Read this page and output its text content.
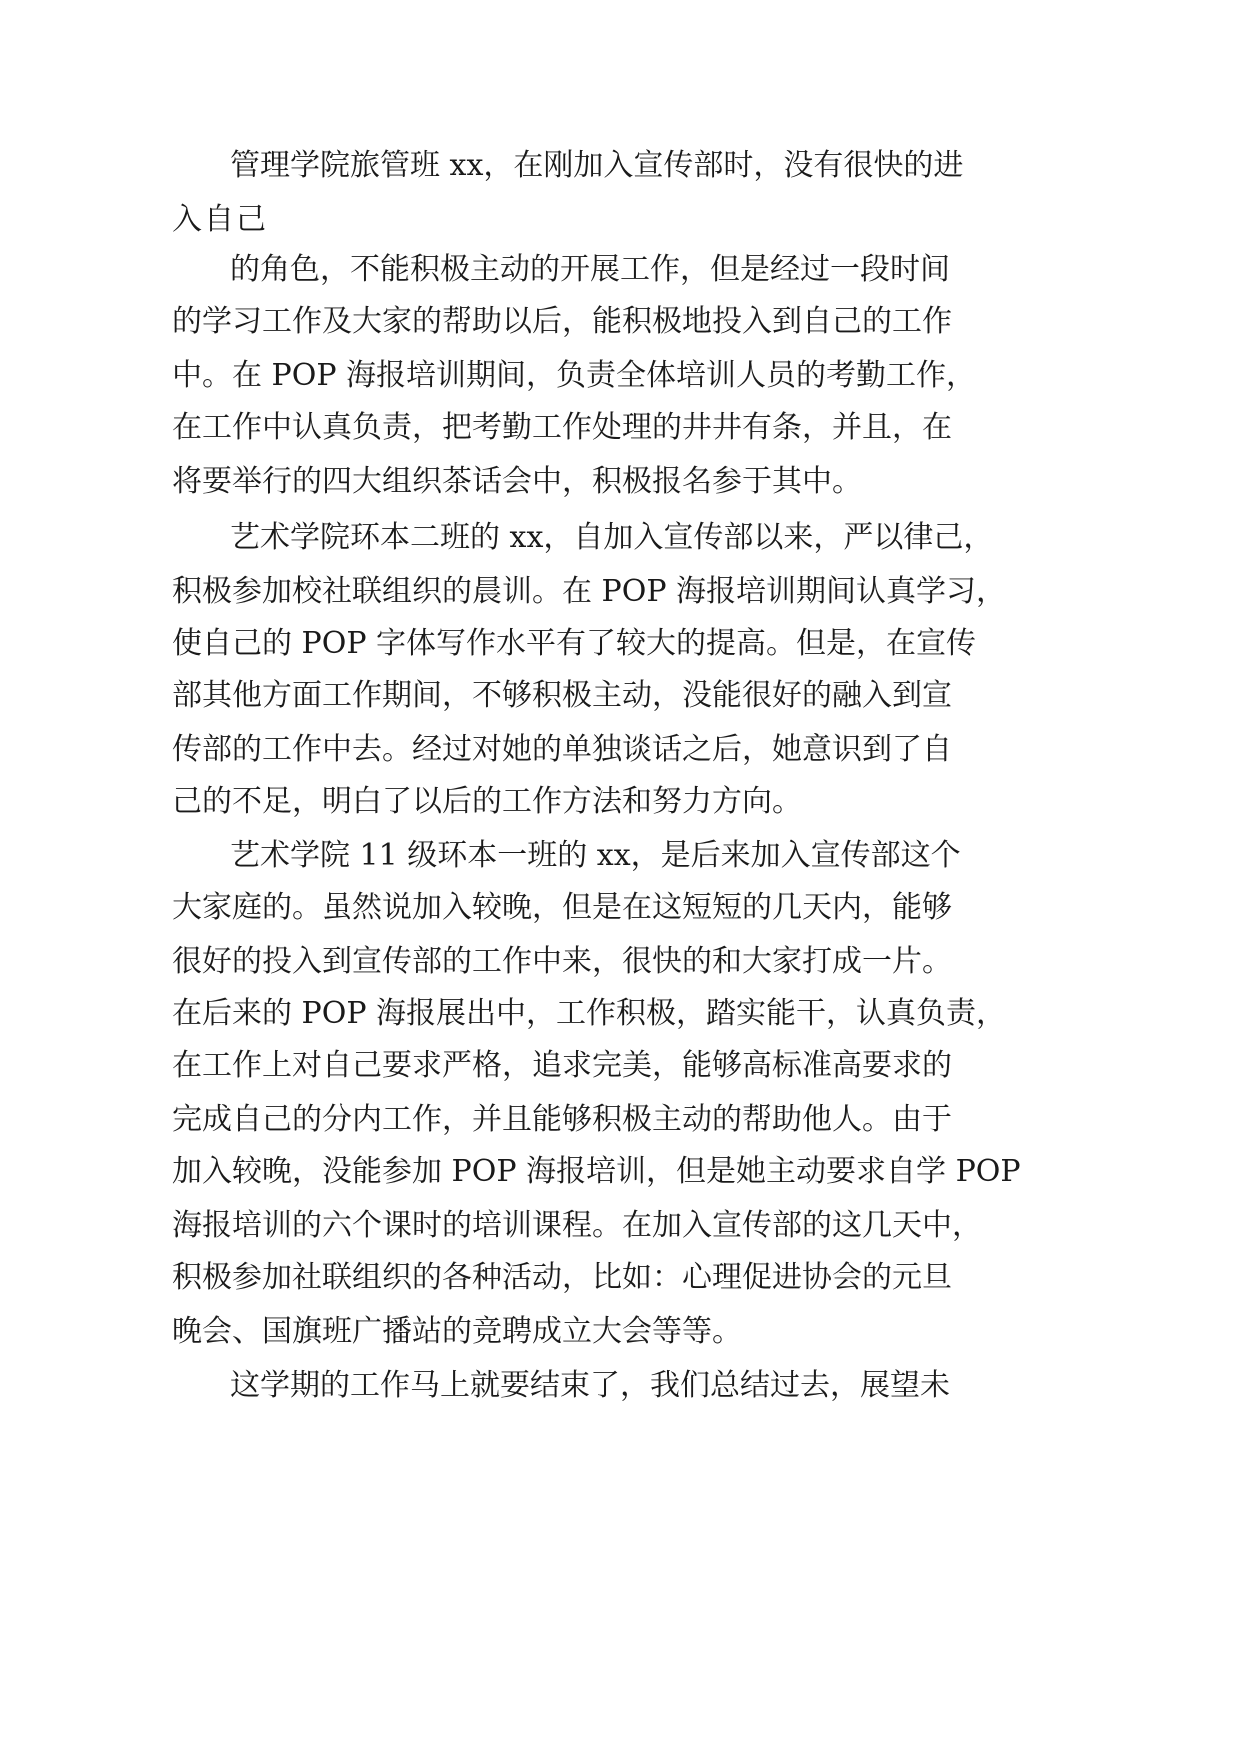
管理学院旅管班 xx，在刚加入宣传部时，没有很快的进
入自己
的角色，不能积极主动的开展工作，但是经过一段时间
的学习工作及大家的帮助以后，能积极地投入到自己的工作
中。在 POP 海报培训期间，负责全体培训人员的考勤工作，
在工作中认真负责，把考勤工作处理的井井有条，并且，在
将要举行的四大组织茶话会中，积极报名参于其中。
艺术学院环本二班的 xx，自加入宣传部以来，严以律己，
积极参加校社联组织的晨训。在 POP 海报培训期间认真学习，
使自己的 POP 字体写作水平有了较大的提高。但是，在宣传
部其他方面工作期间，不够积极主动，没能很好的融入到宣
传部的工作中去。经过对她的单独谈话之后，她意识到了自
己的不足，明白了以后的工作方法和努力方向。
艺术学院 11 级环本一班的 xx，是后来加入宣传部这个
大家庭的。虽然说加入较晚，但是在这短短的几天内，能够
很好的投入到宣传部的工作中来，很快的和大家打成一片。
在后来的 POP 海报展出中，工作积极，踏实能干，认真负责，
在工作上对自己要求严格，追求完美，能够高标准高要求的
完成自己的分内工作，并且能够积极主动的帮助他人。由于
加入较晚，没能参加 POP 海报培训，但是她主动要求自学 POP
海报培训的六个课时的培训课程。在加入宣传部的这几天中，
积极参加社联组织的各种活动，比如：心理促进协会的元旦
晚会、国旗班广播站的竞聘成立大会等等。
这学期的工作马上就要结束了，我们总结过去，展望未
